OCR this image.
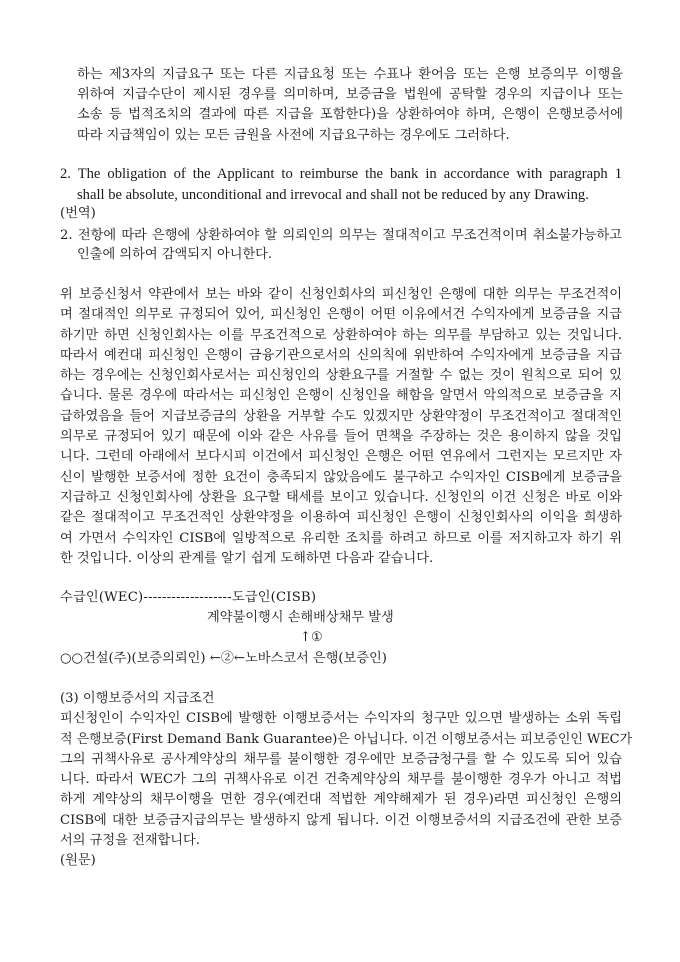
하는 제3자의 지급요구 또는 다른 지급요청 또는 수표나 환어음 또는 은행 보증의무 이행을
위하여 지급수단이 제시된 경우를 의미하며, 보증금을 법원에 공탁할 경우의 지급이나 또는
소송 등 법적조치의 결과에 따른 지급을 포함한다)을 상환하여야 하며, 은행이 은행보증서에
따라 지급책임이 있는 모든 금원을 사전에 지급요구하는 경우에도 그러하다.
2. The obligation of the Applicant to reimburse the bank in accordance with paragraph 1
shall be absolute, unconditional and irrevocal and shall not be reduced by any Drawing.
(번역)
2. 전항에 따라 은행에 상환하여야 할 의뢰인의 의무는 절대적이고 무조건적이며 취소불가능하고
인출에 의하여 감액되지 아니한다.
위 보증신청서 약관에서 보는 바와 같이 신청인회사의 피신청인 은행에 대한 의무는 무조건적이
며 절대적인 의무로 규정되어 있어, 피신청인 은행이 어떤 이유에서건 수익자에게 보증금을 지급
하기만 하면 신청인회사는 이를 무조건적으로 상환하여야 하는 의무를 부담하고 있는 것입니다.
따라서 예컨대 피신청인 은행이 금융기관으로서의 신의칙에 위반하여 수익자에게 보증금을 지급
하는 경우에는 신청인회사로서는 피신청인의 상환요구를 거절할 수 없는 것이 원칙으로 되어 있
습니다. 물론 경우에 따라서는 피신청인 은행이 신청인을 해함을 알면서 악의적으로 보증금을 지
급하였음을 들어 지급보증금의 상환을 거부할 수도 있겠지만 상환약정이 무조건적이고 절대적인
의무로 규정되어 있기 때문에 이와 같은 사유를 들어 면책을 주장하는 것은 용이하지 않을 것입
니다. 그런데 아래에서 보다시피 이건에서 피신청인 은행은 어떤 연유에서 그런지는 모르지만 자
신이 발행한 보증서에 정한 요건이 충족되지 않았음에도 불구하고 수익자인 CISB에게 보증금을
지급하고 신청인회사에 상환을 요구할 태세를 보이고 있습니다. 신청인의 이건 신청은 바로 이와
같은 절대적이고 무조건적인 상환약정을 이용하여 피신청인 은행이 신청인회사의 이익을 희생하
여 가면서 수익자인 CISB에 일방적으로 유리한 조치를 하려고 하므로 이를 저지하고자 하기 위
한 것입니다. 이상의 관계를 알기 쉽게 도해하면 다음과 같습니다.
수급인(WEC)-------------------도급인(CISB)
계약불이행시 손해배상채무 발생
↑①
○○건설(주)(보증의뢰인) ←②←노바스코서 은행(보증인)
(3) 이행보증서의 지급조건
피신청인이 수익자인 CISB에 발행한 이행보증서는 수익자의 청구만 있으면 발생하는 소위 독립
적 은행보증(First Demand Bank Guarantee)은 아닙니다. 이건 이행보증서는 피보증인인 WEC가
그의 귀책사유로 공사계약상의 채무를 불이행한 경우에만 보증금청구를 할 수 있도록 되어 있습
니다. 따라서 WEC가 그의 귀책사유로 이건 건축계약상의 채무를 불이행한 경우가 아니고 적법
하게 계약상의 채무이행을 면한 경우(예컨대 적법한 계약해제가 된 경우)라면 피신청인 은행의
CISB에 대한 보증금지급의무는 발생하지 않게 됩니다. 이건 이행보증서의 지급조건에 관한 보증
서의 규정을 전재합니다.
(원문)
